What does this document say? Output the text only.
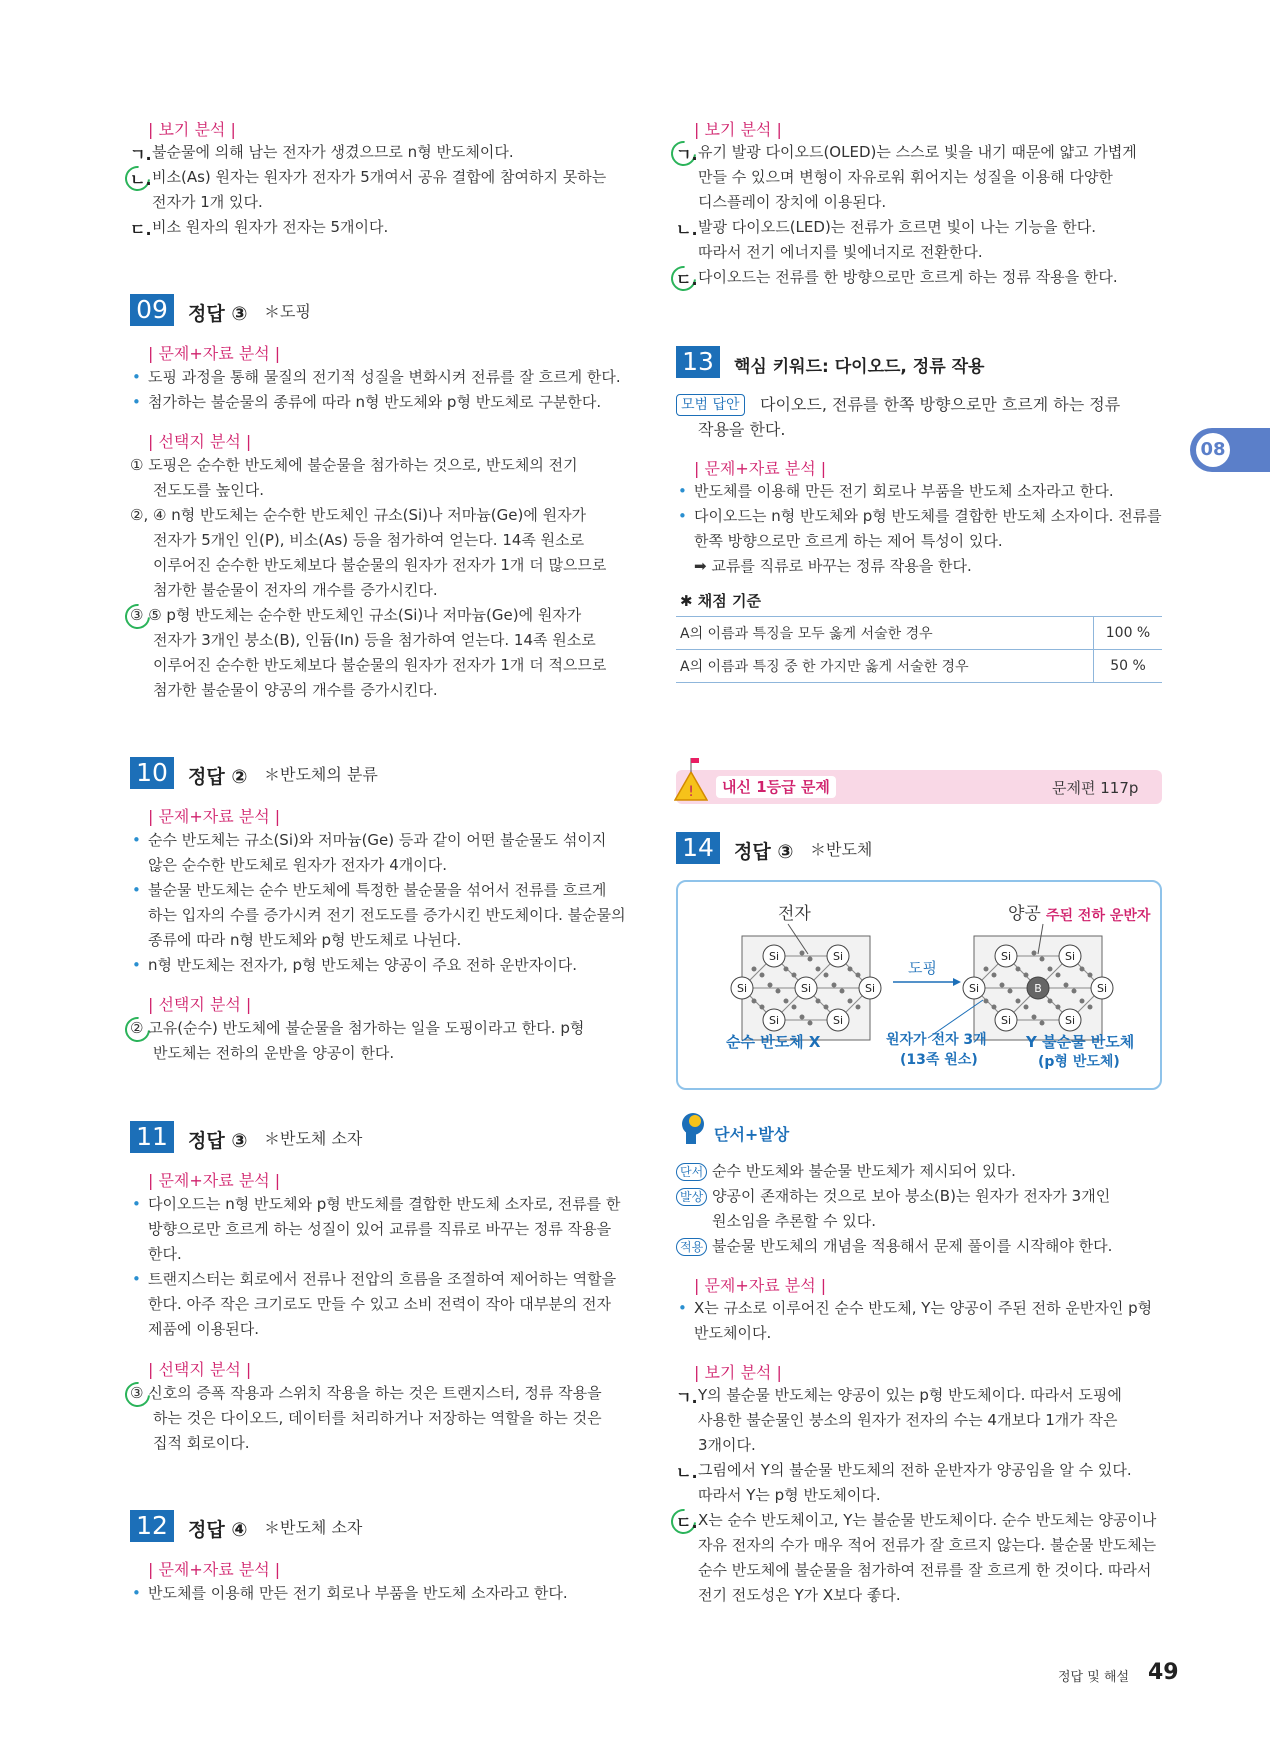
| 보기 분석 |
ㄱ. 불순물에 의해 남는 전자가 생겼으므로 n형 반도체이다.
ㄴ. 비소(As) 원자는 원자가 전자가 5개여서 공유 결합에 참여하지 못하는
전자가 1개 있다.
ㄷ. 비소 원자의 원자가 전자는 5개이다.
09	정답 ③ ＊도핑
| 문제+자료 분석 |
• 도핑 과정을 통해 물질의 전기적 성질을 변화시켜 전류를 잘 흐르게 한다.
• 첨가하는 불순물의 종류에 따라 n형 반도체와 p형 반도체로 구분한다.
| 선택지 분석 |
① 도핑은 순수한 반도체에 불순물을 첨가하는 것으로, 반도체의 전기
전도도를 높인다.
②, ④ n형 반도체는 순수한 반도체인 규소(Si)나 저마늄(Ge)에 원자가
전자가 5개인 인(P), 비소(As) 등을 첨가하여 얻는다. 14족 원소로
이루어진 순수한 반도체보다 불순물의 원자가 전자가 1개 더 많으므로
첨가한 불순물이 전자의 개수를 증가시킨다.
③ ⑤ p형 반도체는 순수한 반도체인 규소(Si)나 저마늄(Ge)에 원자가
전자가 3개인 붕소(B), 인듐(In) 등을 첨가하여 얻는다. 14족 원소로
이루어진 순수한 반도체보다 불순물의 원자가 전자가 1개 더 적으므로
첨가한 불순물이 양공의 개수를 증가시킨다.
10	정답 ② ＊반도체의 분류
| 문제+자료 분석 |
• 순수 반도체는 규소(Si)와 저마늄(Ge) 등과 같이 어떤 불순물도 섞이지
않은 순수한 반도체로 원자가 전자가 4개이다.
• 불순물 반도체는 순수 반도체에 특정한 불순물을 섞어서 전류를 흐르게
하는 입자의 수를 증가시켜 전기 전도도를 증가시킨 반도체이다. 불순물의
종류에 따라 n형 반도체와 p형 반도체로 나뉜다.
• n형 반도체는 전자가, p형 반도체는 양공이 주요 전하 운반자이다.
| 선택지 분석 |
② 고유(순수) 반도체에 불순물을 첨가하는 일을 도핑이라고 한다. p형
반도체는 전하의 운반을 양공이 한다.
11	정답 ③ ＊반도체 소자
| 문제+자료 분석 |
• 다이오드는 n형 반도체와 p형 반도체를 결합한 반도체 소자로, 전류를 한
방향으로만 흐르게 하는 성질이 있어 교류를 직류로 바꾸는 정류 작용을
한다.
• 트랜지스터는 회로에서 전류나 전압의 흐름을 조절하여 제어하는 역할을
한다. 아주 작은 크기로도 만들 수 있고 소비 전력이 작아 대부분의 전자
제품에 이용된다.
| 선택지 분석 |
③ 신호의 증폭 작용과 스위치 작용을 하는 것은 트랜지스터, 정류 작용을
하는 것은 다이오드, 데이터를 처리하거나 저장하는 역할을 하는 것은
집적 회로이다.
12	정답 ④ ＊반도체 소자
| 문제+자료 분석 |
• 반도체를 이용해 만든 전기 회로나 부품을 반도체 소자라고 한다.
| 보기 분석 |
ㄱ. 유기 발광 다이오드(OLED)는 스스로 빛을 내기 때문에 얇고 가볍게
만들 수 있으며 변형이 자유로워 휘어지는 성질을 이용해 다양한
디스플레이 장치에 이용된다.
ㄴ. 발광 다이오드(LED)는 전류가 흐르면 빛이 나는 기능을 한다.
따라서 전기 에너지를 빛에너지로 전환한다.
ㄷ. 다이오드는 전류를 한 방향으로만 흐르게 하는 정류 작용을 한다.
13	핵심 키워드: 다이오드, 정류 작용
모범 답안	다이오드, 전류를 한쪽 방향으로만 흐르게 하는 정류
작용을 한다.
| 문제+자료 분석 |
• 반도체를 이용해 만든 전기 회로나 부품을 반도체 소자라고 한다.
• 다이오드는 n형 반도체와 p형 반도체를 결합한 반도체 소자이다. 전류를
한쪽 방향으로만 흐르게 하는 제어 특성이 있다.
➡ 교류를 직류로 바꾸는 정류 작용을 한다.
✱ 채점 기준
A의 이름과 특징을 모두 옳게 서술한 경우	100 %
A의 이름과 특징 중 한 가지만 옳게 서술한 경우	50 %
!	내신 1등급 문제	문제편 117p
14	정답 ③ ＊반도체
Si	Si
Si	Si	Si
Si	Si
Si	Si
Si	B	Si
Si	Si
전자	양공 주된 전하 운반자
도핑
순수 반도체 X	원자가 전자 3개
(13족 원소)
Y 불순물 반도체
(p형 반도체)
단서+발상
단서 순수 반도체와 불순물 반도체가 제시되어 있다.
발상 양공이 존재하는 것으로 보아 붕소(B)는 원자가 전자가 3개인
원소임을 추론할 수 있다.
적용 불순물 반도체의 개념을 적용해서 문제 풀이를 시작해야 한다.
| 문제+자료 분석 |
• X는 규소로 이루어진 순수 반도체, Y는 양공이 주된 전하 운반자인 p형
반도체이다.
| 보기 분석 |
ㄱ. Y의 불순물 반도체는 양공이 있는 p형 반도체이다. 따라서 도핑에
사용한 불순물인 붕소의 원자가 전자의 수는 4개보다 1개가 작은
3개이다.
ㄴ. 그림에서 Y의 불순물 반도체의 전하 운반자가 양공임을 알 수 있다.
따라서 Y는 p형 반도체이다.
ㄷ. X는 순수 반도체이고, Y는 불순물 반도체이다. 순수 반도체는 양공이나
자유 전자의 수가 매우 적어 전류가 잘 흐르지 않는다. 불순물 반도체는
순수 반도체에 불순물을 첨가하여 전류를 잘 흐르게 한 것이다. 따라서
전기 전도성은 Y가 X보다 좋다.
08
정답 및 해설 49
